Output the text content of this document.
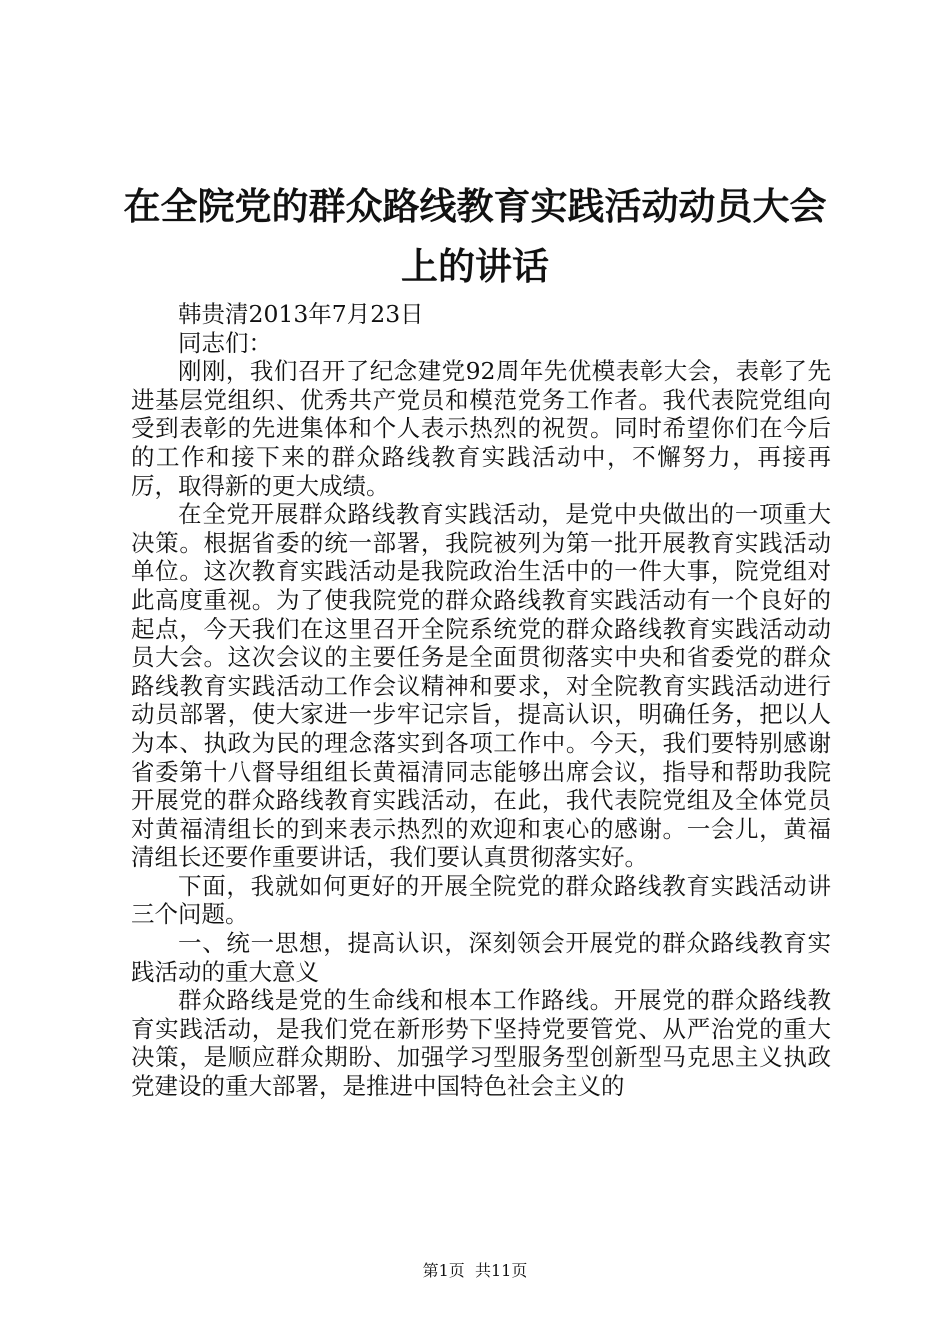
在全院党的群众路线教育实践活动动员大会上的讲话

韩贵清2013年7月23日

同志们：

刚刚，我们召开了纪念建党92周年先优模表彰大会，表彰了先进基层党组织、优秀共产党员和模范党务工作者。我代表院党组向受到表彰的先进集体和个人表示热烈的祝贺。同时希望你们在今后的工作和接下来的群众路线教育实践活动中，不懈努力，再接再厉，取得新的更大成绩。

在全党开展群众路线教育实践活动，是党中央做出的一项重大决策。根据省委的统一部署，我院被列为第一批开展教育实践活动单位。这次教育实践活动是我院政治生活中的一件大事，院党组对此高度重视。为了使我院党的群众路线教育实践活动有一个良好的起点，今天我们在这里召开全院系统党的群众路线教育实践活动动员大会。这次会议的主要任务是全面贯彻落实中央和省委党的群众路线教育实践活动工作会议精神和要求，对全院教育实践活动进行动员部署，使大家进一步牢记宗旨，提高认识，明确任务，把以人为本、执政为民的理念落实到各项工作中。今天，我们要特别感谢省委第十八督导组组长黄福清同志能够出席会议，指导和帮助我院开展党的群众路线教育实践活动，在此，我代表院党组及全体党员对黄福清组长的到来表示热烈的欢迎和衷心的感谢。一会儿，黄福清组长还要作重要讲话，我们要认真贯彻落实好。

下面，我就如何更好的开展全院党的群众路线教育实践活动讲三个问题。

一、统一思想，提高认识，深刻领会开展党的群众路线教育实践活动的重大意义

群众路线是党的生命线和根本工作路线。开展党的群众路线教育实践活动，是我们党在新形势下坚持党要管党、从严治党的重大决策，是顺应群众期盼、加强学习型服务型创新型马克思主义执政党建设的重大部署，是推进中国特色社会主义的

第1页 共11页
